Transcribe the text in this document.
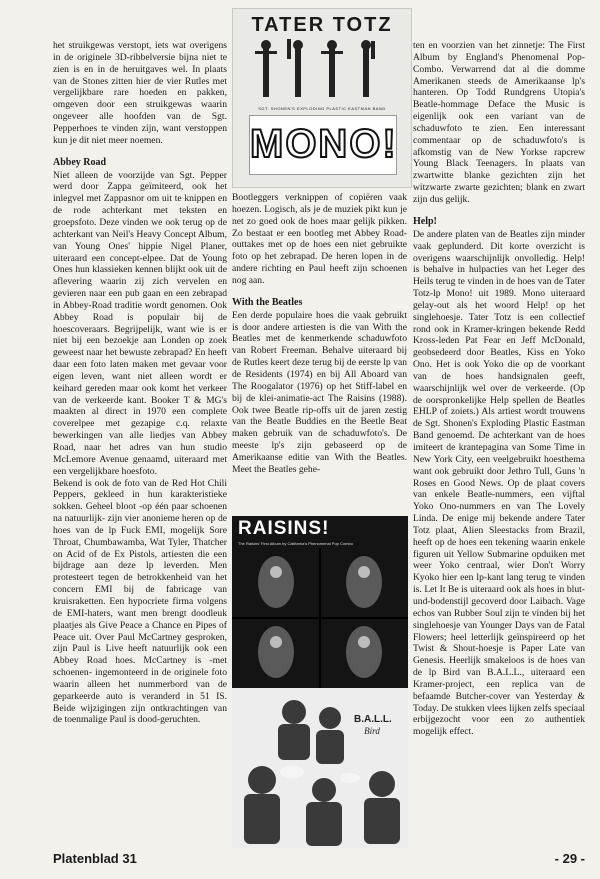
het struikgewas verstopt, iets wat overigens in de originele 3D-ribbelversie bijna niet te zien is en in de heruitgaves wel. In plaats van de Stones zitten hier de vier Rutles met vergelijkbare rare hoeden en pakken, omgeven door een struikgewas waarin ongeveer alle hoofden van de Sgt. Pepperhoes te vinden zijn, want verstoppen kun je dit niet meer noemen.

Abbey Road

Niet alleen de voorzijde van Sgt. Pepper werd door Zappa geïmiteerd, ook het inlegvel met Zappasnor om uit te knippen en de rode achterkant met teksten en groepsfoto. Deze vinden we ook terug op de achterkant van Neil's Heavy Concept Album, van Young Ones' hippie Nigel Planer, uiteraard een concept-elpee. Dat de Young Ones hun klassieken kennen blijkt ook uit de aflevering waarin zij zich vervelen en gevieren naar een pub gaan en een zebrapad in Abbey-Road traditie wordt genomen. Ook Abbey Road is populair bij de hoescoveraars. Begrijpelijk, want wie is er niet bij een bezoekje aan Londen op zoek geweest naar het bewuste zebrapad? En heeft daar een foto laten maken met gevaar voor eigen leven, want niet alleen wordt er keihard gereden maar ook komt het verkeer van de verkeerde kant. Booker T & MG's maakten al direct in 1970 een complete coverelpee met gezapige c.q. relaxte bewerkingen van alle liedjes van Abbey Road, naar het adres van hun studio McLemore Avenue genaamd, uiteraard met een vergelijkbare hoesfoto.

Bekend is ook de foto van de Red Hot Chili Peppers, gekleed in hun karakteristieke sokken. Geheel bloot -op één paar schoenen na natuurlijk- zijn vier anonieme heren op de hoes van de lp Fuck EMI, mogelijk Sore Throat, Chumbawamba, Wat Tyler, Thatcher on Acid of de Ex Pistols, artiesten die een bijdrage aan deze lp leverden. Men protesteert tegen de betrokkenheid van het concern EMI bij de fabricage van kruisraketten. Een hypocriete firma volgens de EMI-haters, want men brengt doodleuk plaatjes als Give Peace a Chance en Pipes of Peace uit. Over Paul McCartney gesproken, zijn Paul is Live heeft natuurlijk ook een Abbey Road hoes. McCartney is -met schoenen- ingemonteerd in de originele foto waarin alleen het nummerbord van de geparkeerde auto is veranderd in 51 IS. Beide wijzigingen zijn ontkrachtingen van de toenmalige Paul is dood-geruchten.

TATER TOTZ
SGT. SHONEN'S EXPLODING PLASTIC EASTMAN BAND
MONO!

Bootleggers verknippen of copiëren vaak hoezen. Logisch, als je de muziek pikt kun je net zo goed ook de hoes maar gelijk pikken. Zo bestaat er een bootleg met Abbey Road-outtakes met op de hoes een niet gebruikte foto op het zebrapad. De heren lopen in de andere richting en Paul heeft zijn schoenen nog aan.

With the Beatles

Een derde populaire hoes die vaak gebruikt is door andere artiesten is die van With the Beatles met de kenmerkende schaduwfoto van Robert Freeman. Behalve uiteraard bij de Rutles keert deze terug bij de eerste lp van de Residents (1974) en bij All Aboard van The Roogalator (1976) op het Stiff-label en bij de klei-animatie-act The Raisins (1988). Ook twee Beatle rip-offs uit de jaren zestig van the Beatle Buddies en the Beetle Beat maken gebruik van de schaduwfoto's. De meeste lp's zijn gebaseerd op de Amerikaanse editie van With the Beatles. Meet the Beatles gehe-

RAISINS!
The Raisins' First Album by California's Phenomenal Pop Combo
B.A.L.L.
Bird

ten en voorzien van het zinnetje: The First Album by England's Phenomenal Pop-Combo. Verwarrend dat al die domme Amerikanen steeds de Amerikaanse lp's hanteren. Op Todd Rundgrens Utopia's Beatle-hommage Deface the Music is eigenlijk ook een variant van de schaduwfoto te zien. Een interessant commentaar op de schaduwfoto's is afkomstig van de New Yorkse rapcrew Young Black Teenagers. In plaats van zwartwitte blanke gezichten zijn het witzwarte zwarte gezichten; blank en zwart zijn dus gelijk.

Help!

De andere platen van de Beatles zijn minder vaak geplunderd. Dit korte overzicht is overigens waarschijnlijk onvolledig. Help! is behalve in hulpacties van het Leger des Heils terug te vinden in de hoes van de Tater Totz-lp Mono! uit 1989. Mono uiteraard gelay-out als het woord Help! op het singlehoesje. Tater Totz is een collectief rond ook in Kramer-kringen bekende Redd Kross-leden Pat Fear en Jeff McDonald, geobsedeerd door Beatles, Kiss en Yoko Ono. Het is ook Yoko die op de voorkant van de hoes handsignalen geeft, waarschijnlijk wel over de verkeerde. (Op de oorspronkelijke Help spellen de Beatles EHLP of zoiets.) Als artiest wordt trouwens de Sgt. Shonen's Exploding Plastic Eastman Band genoemd. De achterkant van de hoes imiteert de krantepagina van Some Time in New York City, een veelgebruikt hoesthema want ook gebruikt door Jethro Tull, Guns 'n Roses en Good News. Op de plaat covers van enkele Beatle-nummers, een vijftal Yoko Ono-nummers en van The Lovely Linda. De enige mij bekende andere Tater Totz plaat, Alien Sleestacks from Brazil, heeft op de hoes een tekening waarin enkele figuren uit Yellow Submarine opduiken met weer Yoko centraal, wier Don't Worry Kyoko hier een lp-kant lang terug te vinden is. Let It Be is uiteraard ook als hoes in blut-und-bodenstijl gecoverd door Laibach. Vage echos van Rubber Soul zijn te vinden bij het singlehoesje van Younger Days van de Fatal Flowers; heel letterlijk geïnspireerd op het Twist & Shout-hoesje is Paper Late van Genesis. Heerlijk smakeloos is de hoes van de lp Bird van B.A.L.L., uiteraard een Kramer-project, een replica van de befaamde Butcher-cover van Yesterday & Today. De stukken vlees lijken zelfs speciaal erbijgezocht voor een zo authentiek mogelijk effect.

Platenblad 31	- 29 -
